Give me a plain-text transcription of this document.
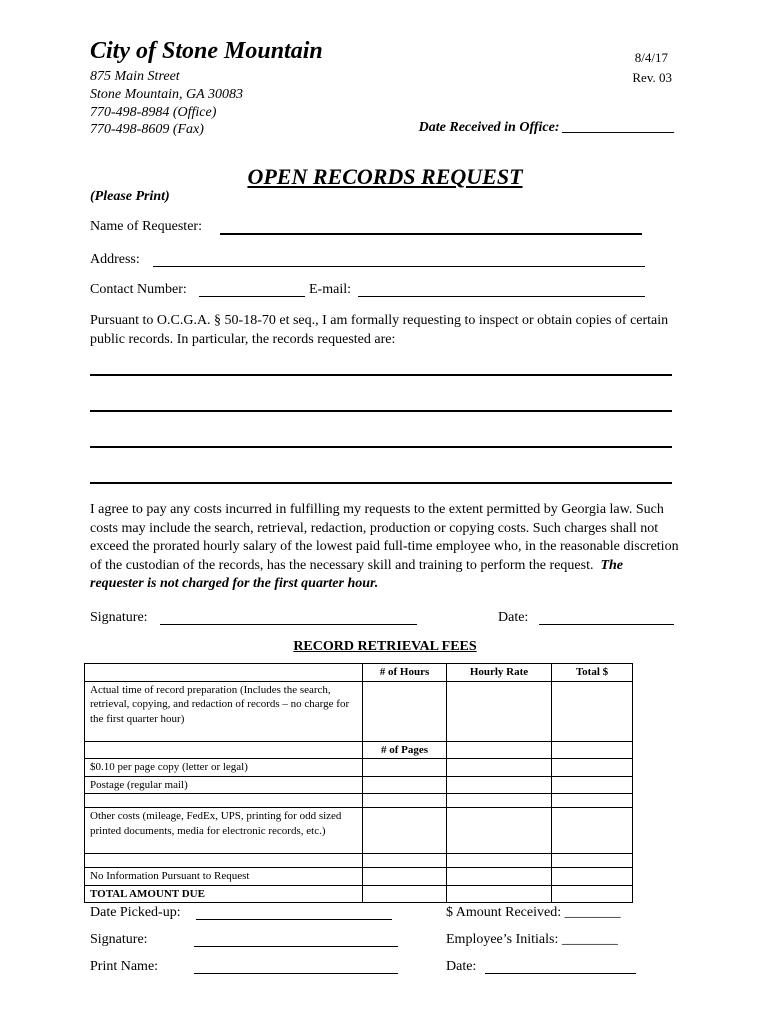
City of Stone Mountain
875 Main Street
Stone Mountain, GA 30083
770-498-8984 (Office)
770-498-8609 (Fax)
8/4/17
Rev. 03
Date Received in Office: ________________
OPEN RECORDS REQUEST
(Please Print)
Name of Requester:
Address:
Contact Number:	E-mail:
Pursuant to O.C.G.A. § 50-18-70 et seq., I am formally requesting to inspect or obtain copies of certain public records. In particular, the records requested are:
I agree to pay any costs incurred in fulfilling my requests to the extent permitted by Georgia law. Such costs may include the search, retrieval, redaction, production or copying costs. Such charges shall not exceed the prorated hourly salary of the lowest paid full-time employee who, in the reasonable discretion of the custodian of the records, has the necessary skill and training to perform the request. The requester is not charged for the first quarter hour.
Signature:	Date:
RECORD RETRIEVAL FEES
	# of Hours	Hourly Rate	Total $
Actual time of record preparation (Includes the search, retrieval, copying, and redaction of records – no charge for the first quarter hour)			
	# of Pages		
$0.10 per page copy (letter or legal)			
Postage (regular mail)			

Other costs (mileage, FedEx, UPS, printing for odd sized printed documents, media for electronic records, etc.)			

No Information Pursuant to Request			
TOTAL AMOUNT DUE			
Date Picked-up:
Signature:
Print Name:
$ Amount Received: ________
Employee’s Initials: ________
Date:
